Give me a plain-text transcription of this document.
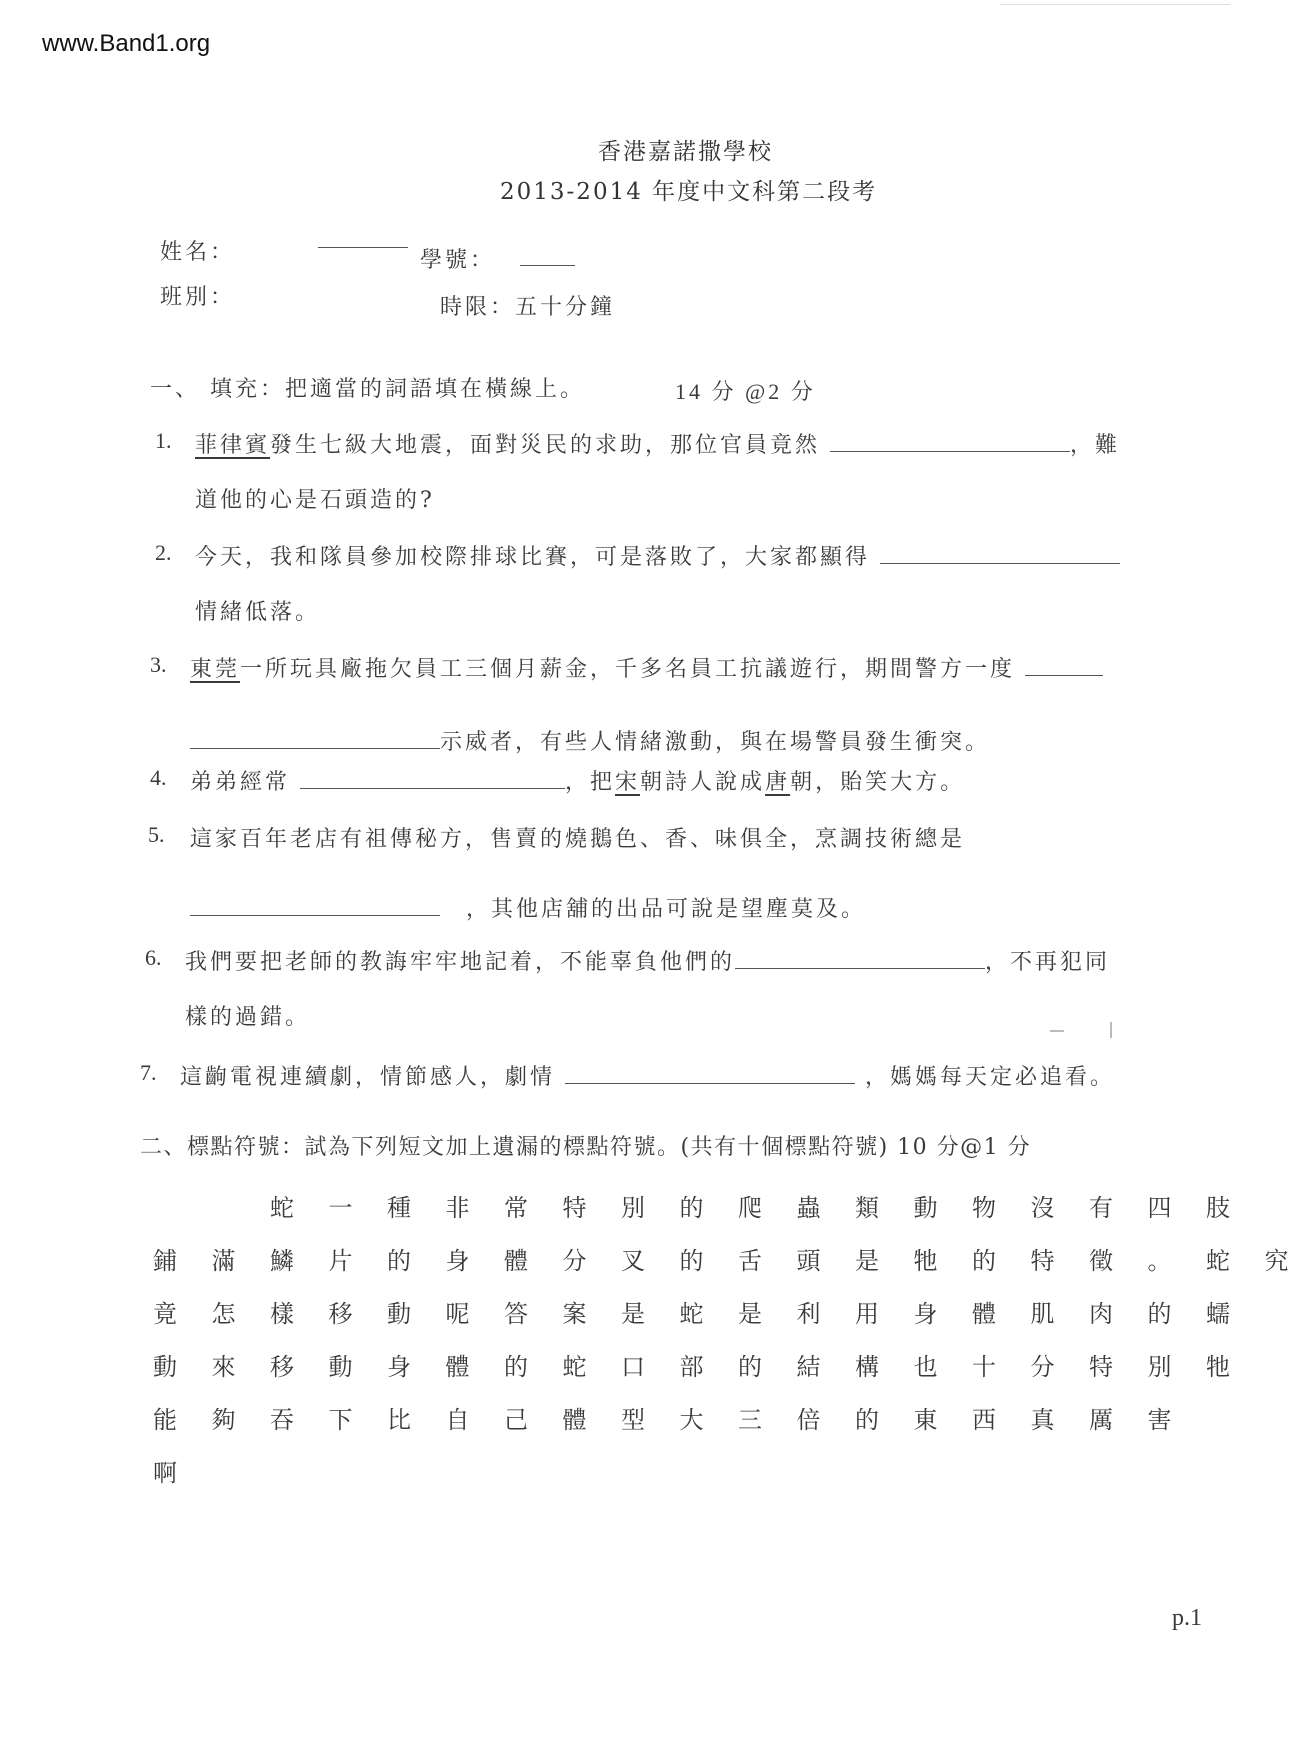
www.Band1.org
香港嘉諾撒學校
2013-2014 年度中文科第二段考
姓名：	學號：
班別：	時限：五十分鐘
一、 填充：把適當的詞語填在橫線上。	14 分 @2 分
1. 菲律賓發生七級大地震，面對災民的求助，那位官員竟然	，難
道他的心是石頭造的?
2. 今天，我和隊員參加校際排球比賽，可是落敗了，大家都顯得
情緒低落。
3. 東莞一所玩具廠拖欠員工三個月薪金，千多名員工抗議遊行，期間警方一度
示威者，有些人情緒激動，與在場警員發生衝突。
4. 弟弟經常	，把宋朝詩人說成唐朝，貽笑大方。
5. 這家百年老店有祖傳秘方，售賣的燒鵝色、香、味俱全，烹調技術總是
，其他店舖的出品可說是望塵莫及。
6. 我們要把老師的教誨牢牢地記着，不能辜負他們的	，不再犯同
樣的過錯。
7. 這齣電視連續劇，情節感人，劇情	，媽媽每天定必追看。
二、標點符號：試為下列短文加上遺漏的標點符號。(共有十個標點符號) 10 分@1 分
蛇	一	種	非	常	特	別	的	爬	蟲	類	動	物	沒	有	四	肢
鋪	滿	鱗	片	的	身	體	分	叉	的	舌	頭	是	牠	的	特	徵	。	蛇	究
竟	怎	樣	移	動	呢	答	案	是	蛇	是	利	用	身	體	肌	肉	的	蠕
動	來	移	動	身	體	的	蛇	口	部	的	結	構	也	十	分	特	別	牠
能	夠	吞	下	比	自	己	體	型	大	三	倍	的	東	西	真	厲	害
啊
p.1
